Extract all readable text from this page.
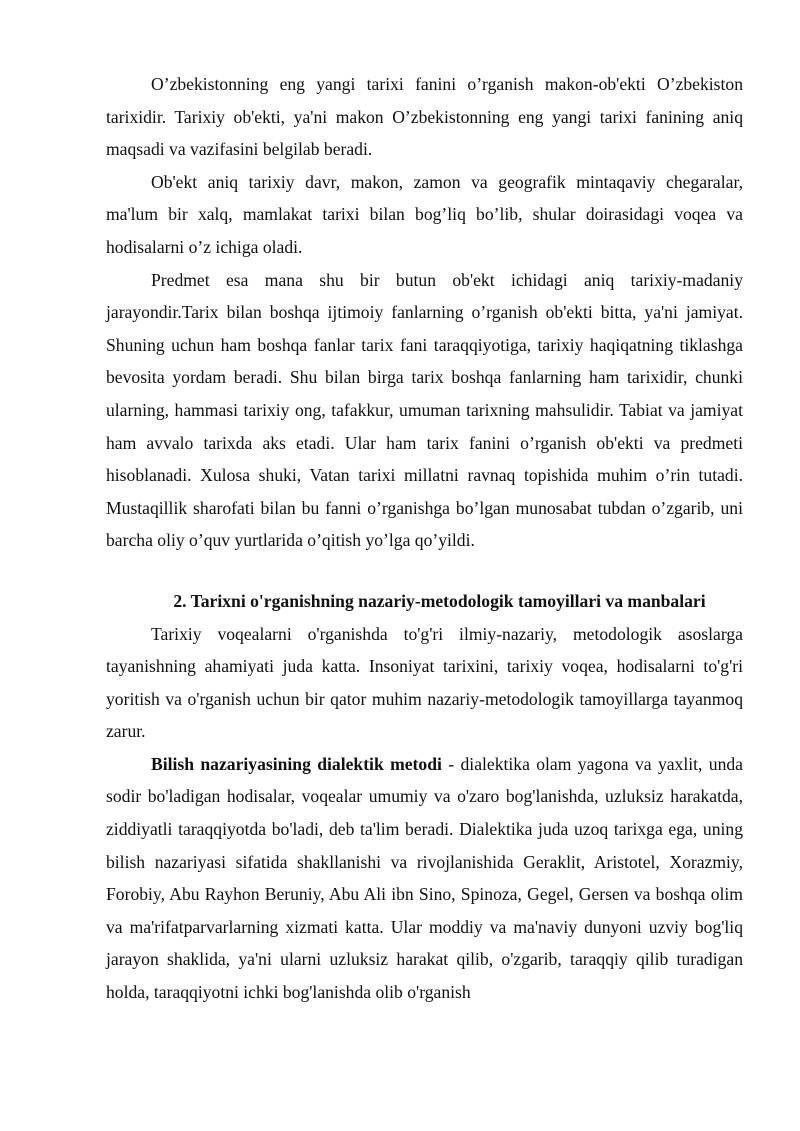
O’zbekistonning eng yangi tarixi fanini o’rganish makon-ob'ekti O’zbekiston tarixidir. Tarixiy ob'ekti, ya'ni makon O’zbekistonning eng yangi tarixi fanining aniq maqsadi va vazifasini belgilab beradi.

Ob'ekt aniq tarixiy davr, makon, zamon va geografik mintaqaviy chegaralar, ma'lum bir xalq, mamlakat tarixi bilan bog’liq bo’lib, shular doirasidagi voqea va hodisalarni o’z ichiga oladi.

Predmet esa mana shu bir butun ob'ekt ichidagi aniq tarixiy-madaniy jarayondir.Tarix bilan boshqa ijtimoiy fanlarning o’rganish ob'ekti bitta, ya'ni jamiyat. Shuning uchun ham boshqa fanlar tarix fani taraqqiyotiga, tarixiy haqiqatning tiklashga bevosita yordam beradi. Shu bilan birga tarix boshqa fanlarning ham tarixidir, chunki ularning, hammasi tarixiy ong, tafakkur, umuman tarixning mahsulidir. Tabiat va jamiyat ham avvalo tarixda aks etadi. Ular ham tarix fanini o’rganish ob'ekti va predmeti hisoblanadi. Xulosa shuki, Vatan tarixi millatni ravnaq topishida muhim o’rin tutadi. Mustaqillik sharofati bilan bu fanni o’rganishga bo’lgan munosabat tubdan o’zgarib, uni barcha oliy o’quv yurtlarida o’qitish yo’lga qo’yildi.

2. Tarixni o'rganishning nazariy-metodologik tamoyillari va manbalari

Tarixiy voqealarni o'rganishda to'g'ri ilmiy-nazariy, metodologik asoslarga tayanishning ahamiyati juda katta. Insoniyat tarixini, tarixiy voqea, hodisalarni to'g'ri yoritish va o'rganish uchun bir qator muhim nazariy-metodologik tamoyillarga tayanmoq zarur.

Bilish nazariyasining dialektik metodi - dialektika olam yagona va yaxlit, unda sodir bo'ladigan hodisalar, voqealar umumiy va o'zaro bog'lanishda, uzluksiz harakatda, ziddiyatli taraqqiyotda bo'ladi, deb ta'lim beradi. Dialektika juda uzoq tarixga ega, uning bilish nazariyasi sifatida shakllanishi va rivojlanishida Geraklit, Aristotel, Xorazmiy, Forobiy, Abu Rayhon Beruniy, Abu Ali ibn Sino, Spinoza, Gegel, Gersen va boshqa olim va ma'rifatparvarlarning xizmati katta. Ular moddiy va ma'naviy dunyoni uzviy bog'liq jarayon shaklida, ya'ni ularni uzluksiz harakat qilib, o'zgarib, taraqqiy qilib turadigan holda, taraqqiyotni ichki bog'lanishda olib o'rganish
